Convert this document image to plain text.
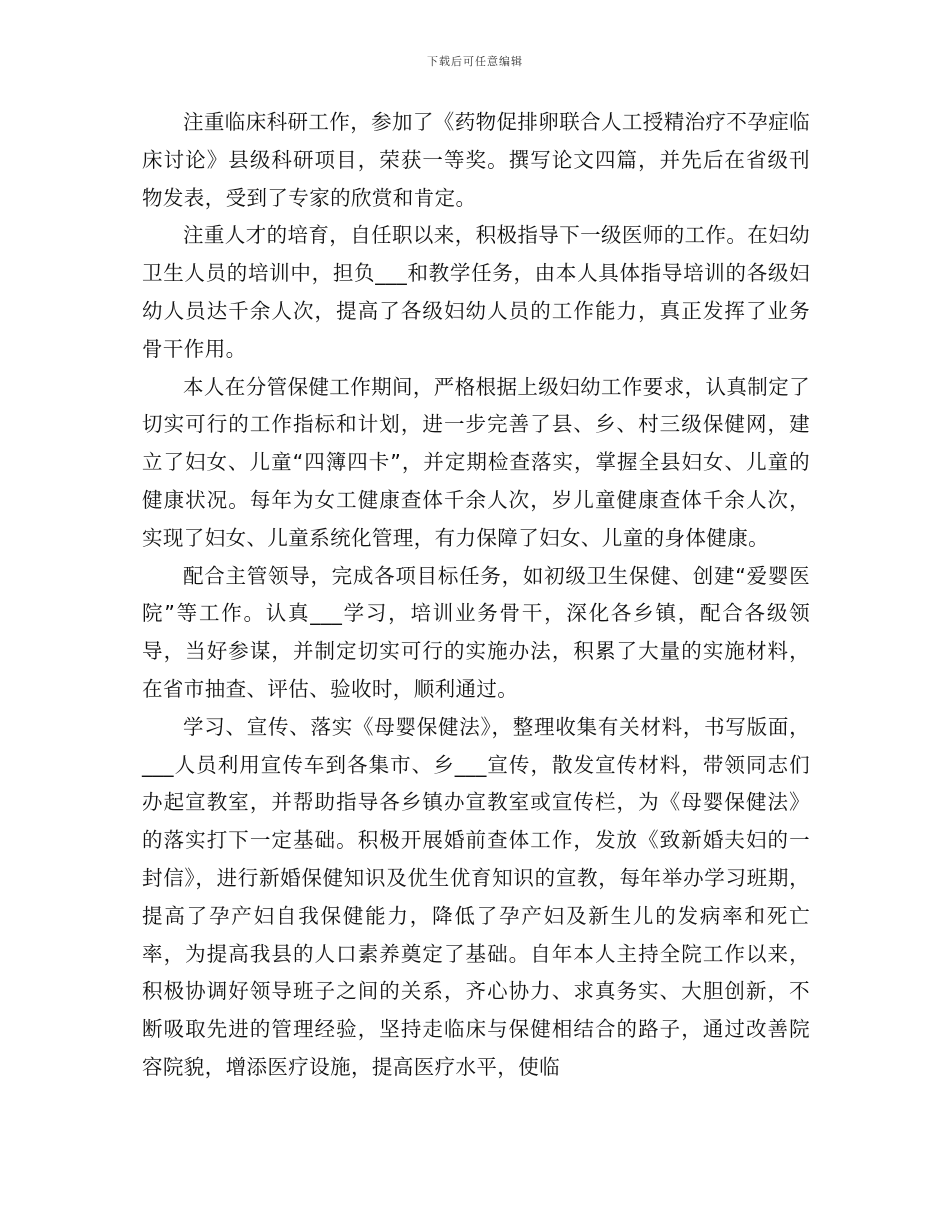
下载后可任意编辑

注重临床科研工作，参加了《药物促排卵联合人工授精治疗不孕症临床讨论》县级科研项目，荣获一等奖。撰写论文四篇，并先后在省级刊物发表，受到了专家的欣赏和肯定。

注重人才的培育，自任职以来，积极指导下一级医师的工作。在妇幼卫生人员的培训中，担负___和教学任务，由本人具体指导培训的各级妇幼人员达千余人次，提高了各级妇幼人员的工作能力，真正发挥了业务骨干作用。

本人在分管保健工作期间，严格根据上级妇幼工作要求，认真制定了切实可行的工作指标和计划，进一步完善了县、乡、村三级保健网，建立了妇女、儿童“四簿四卡”，并定期检查落实，掌握全县妇女、儿童的健康状况。每年为女工健康查体千余人次，岁儿童健康查体千余人次，实现了妇女、儿童系统化管理，有力保障了妇女、儿童的身体健康。

配合主管领导，完成各项目标任务，如初级卫生保健、创建“爱婴医院”等工作。认真___学习，培训业务骨干，深化各乡镇，配合各级领导，当好参谋，并制定切实可行的实施办法，积累了大量的实施材料，在省市抽查、评估、验收时，顺利通过。

学习、宣传、落实《母婴保健法》，整理收集有关材料，书写版面，___人员利用宣传车到各集市、乡___宣传，散发宣传材料，带领同志们办起宣教室，并帮助指导各乡镇办宣教室或宣传栏，为《母婴保健法》的落实打下一定基础。积极开展婚前查体工作，发放《致新婚夫妇的一封信》，进行新婚保健知识及优生优育知识的宣教，每年举办学习班期，提高了孕产妇自我保健能力，降低了孕产妇及新生儿的发病率和死亡率，为提高我县的人口素养奠定了基础。自年本人主持全院工作以来，积极协调好领导班子之间的关系，齐心协力、求真务实、大胆创新，不断吸取先进的管理经验，坚持走临床与保健相结合的路子，通过改善院容院貌，增添医疗设施，提高医疗水平，使临
